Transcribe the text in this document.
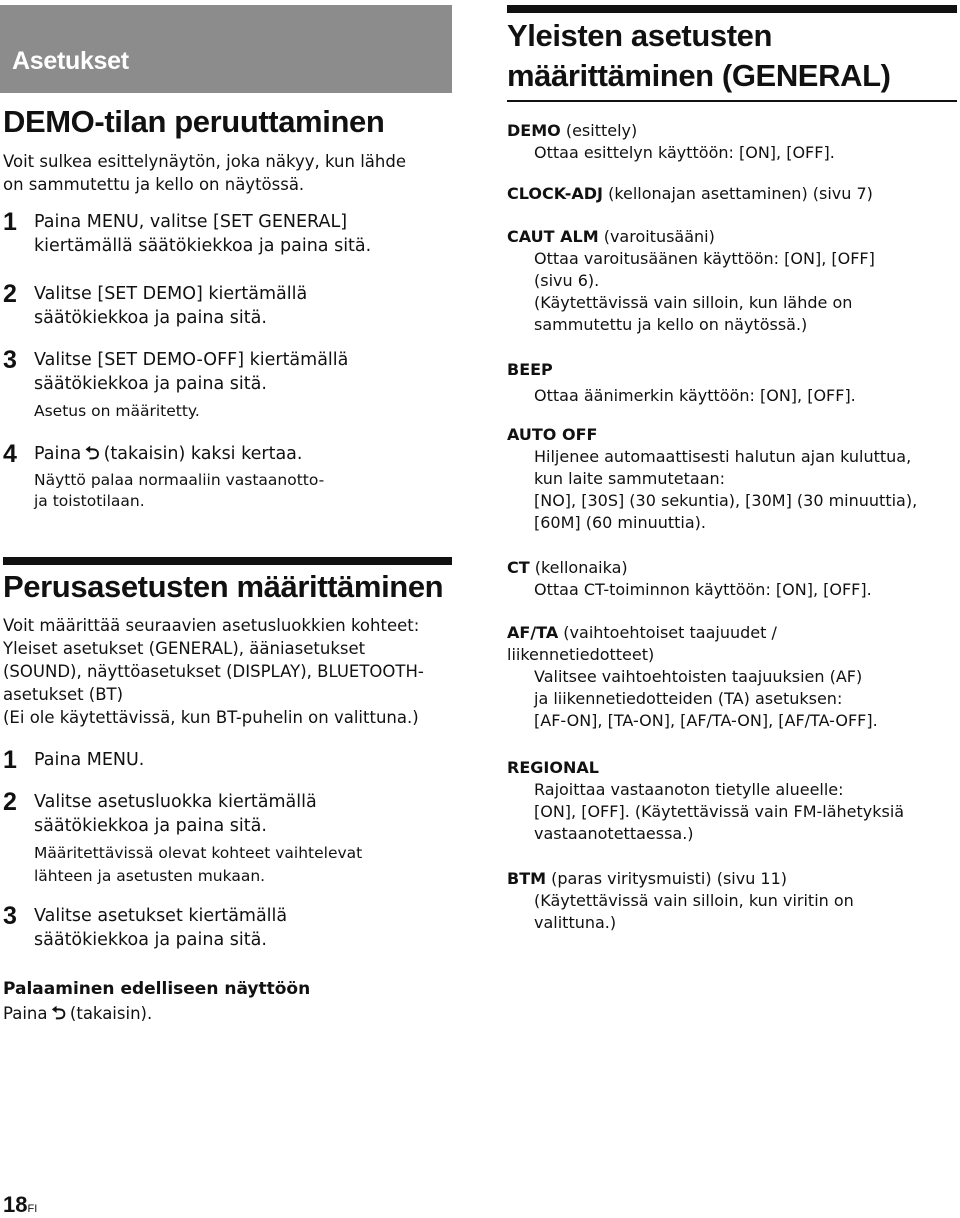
Asetukset
DEMO-tilan peruuttaminen

Voit sulkea esittelynäytön, joka näkyy, kun lähde

on sammutettu ja kello on näytössä.

1 Paina MENU, valitse [SET GENERAL]
kiertämällä säätökiekkoa ja paina sitä.
2 Valitse [SET DEMO] kiertämällä
säätökiekkoa ja paina sitä.
3 Valitse [SET DEMO-OFF] kiertämällä
säätökiekkoa ja paina sitä.
Asetus on määritetty.
4 Paina ⮌ (takaisin) kaksi kertaa.
Näyttö palaa normaaliin vastaanotto-
ja toistotilaan.
Perusasetusten määrittäminen

Voit määrittää seuraavien asetusluokkien kohteet:

Yleiset asetukset (GENERAL), ääniasetukset

(SOUND), näyttöasetukset (DISPLAY), BLUETOOTH-

asetukset (BT)

(Ei ole käytettävissä, kun BT-puhelin on valittuna.)

1 Paina MENU.
2 Valitse asetusluokka kiertämällä
säätökiekkoa ja paina sitä.
Määritettävissä olevat kohteet vaihtelevat
lähteen ja asetusten mukaan.
3 Valitse asetukset kiertämällä
säätökiekkoa ja paina sitä.

Palaaminen edelliseen näyttöön

Paina ⮌ (takaisin).

18FI
Yleisten asetusten
määrittäminen (GENERAL)

DEMO (esittely)

Ottaa esittelyn käyttöön: [ON], [OFF].

CLOCK-ADJ (kellonajan asettaminen) (sivu 7)

CAUT ALM (varoitusääni)

Ottaa varoitusäänen käyttöön: [ON], [OFF]

(sivu 6).

(Käytettävissä vain silloin, kun lähde on

sammutettu ja kello on näytössä.)

BEEP

Ottaa äänimerkin käyttöön: [ON], [OFF].

AUTO OFF

Hiljenee automaattisesti halutun ajan kuluttua,

kun laite sammutetaan:

[NO], [30S] (30 sekuntia), [30M] (30 minuuttia),

[60M] (60 minuuttia).

CT (kellonaika)

Ottaa CT-toiminnon käyttöön: [ON], [OFF].

AF/TA (vaihtoehtoiset taajuudet /

liikennetiedotteet)

Valitsee vaihtoehtoisten taajuuksien (AF)

ja liikennetiedotteiden (TA) asetuksen:

[AF-ON], [TA-ON], [AF/TA-ON], [AF/TA-OFF].

REGIONAL

Rajoittaa vastaanoton tietylle alueelle:

[ON], [OFF]. (Käytettävissä vain FM-lähetyksiä

vastaanotettaessa.)

BTM (paras viritysmuisti) (sivu 11)

(Käytettävissä vain silloin, kun viritin on

valittuna.)
